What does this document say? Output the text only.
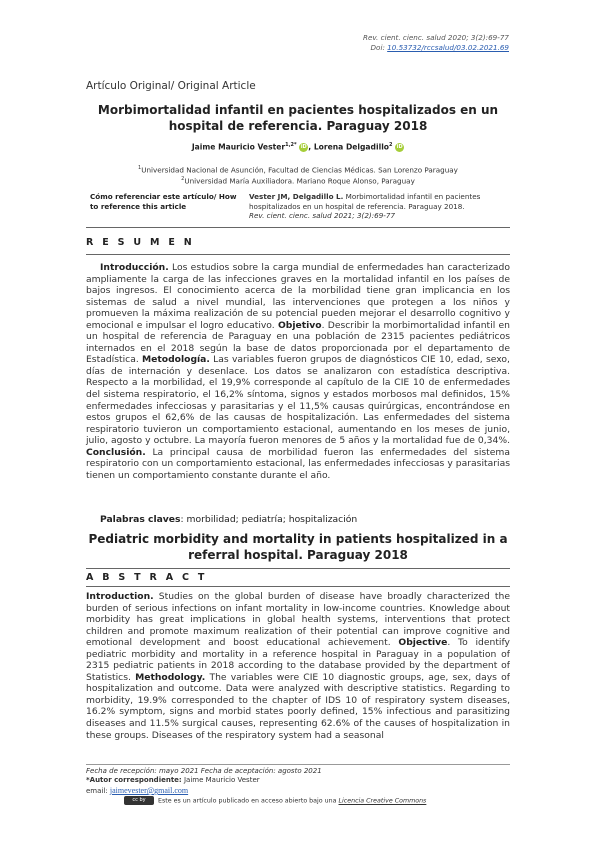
Rev. cient. cienc. salud 2020; 3(2):69-77
Doi: 10.53732/rccsalud/03.02.2021.69
Artículo Original/ Original Article
Morbimortalidad infantil en pacientes hospitalizados en un hospital de referencia. Paraguay 2018
Jaime Mauricio Vester$^{1,2*}$ iD , Lorena Delgadillo$^2$ iD
$^1$Universidad Nacional de Asunción, Facultad de Ciencias Médicas. San Lorenzo Paraguay
$^2$Universidad María Auxiliadora. Mariano Roque Alonso, Paraguay
Cómo referenciar este artículo/ How to reference this article
Vester JM, Delgadillo L. Morbimortalidad infantil en pacientes hospitalizados en un hospital de referencia. Paraguay 2018.
Rev. cient. cienc. salud 2021; 3(2):69-77
R E S U M E N
Introducción. Los estudios sobre la carga mundial de enfermedades han caracterizado ampliamente la carga de las infecciones graves en la mortalidad infantil en los países de bajos ingresos. El conocimiento acerca de la morbilidad tiene gran implicancia en los sistemas de salud a nivel mundial, las intervenciones que protegen a los niños y promueven la máxima realización de su potencial pueden mejorar el desarrollo cognitivo y emocional e impulsar el logro educativo. Objetivo. Describir la morbimortalidad infantil en un hospital de referencia de Paraguay en una población de 2315 pacientes pediátricos internados en el 2018 según la base de datos proporcionada por el departamento de Estadística. Metodología. Las variables fueron grupos de diagnósticos CIE 10, edad, sexo, días de internación y desenlace. Los datos se analizaron con estadística descriptiva. Respecto a la morbilidad, el 19,9% corresponde al capítulo de la CIE 10 de enfermedades del sistema respiratorio, el 16,2% síntoma, signos y estados morbosos mal definidos, 15% enfermedades infecciosas y parasitarias y el 11,5% causas quirúrgicas, encontrándose en estos grupos el 62,6% de las causas de hospitalización. Las enfermedades del sistema respiratorio tuvieron un comportamiento estacional, aumentando en los meses de junio, julio, agosto y octubre. La mayoría fueron menores de 5 años y la mortalidad fue de 0,34%. Conclusión. La principal causa de morbilidad fueron las enfermedades del sistema respiratorio con un comportamiento estacional, las enfermedades infecciosas y parasitarias tienen un comportamiento constante durante el año.
Palabras claves: morbilidad; pediatría; hospitalización
Pediatric morbidity and mortality in patients hospitalized in a referral hospital. Paraguay 2018
A B S T R A C T
Introduction. Studies on the global burden of disease have broadly characterized the burden of serious infections on infant mortality in low-income countries. Knowledge about morbidity has great implications in global health systems, interventions that protect children and promote maximum realization of their potential can improve cognitive and emotional development and boost educational achievement. Objective. To identify pediatric morbidity and mortality in a reference hospital in Paraguay in a population of 2315 pediatric patients in 2018 according to the database provided by the department of Statistics. Methodology. The variables were CIE 10 diagnostic groups, age, sex, days of hospitalization and outcome. Data were analyzed with descriptive statistics. Regarding to morbidity, 19.9% corresponded to the chapter of IDS 10 of respiratory system diseases, 16.2% symptom, signs and morbid states poorly defined, 15% infectious and parasitizing diseases and 11.5% surgical causes, representing 62.6% of the causes of hospitalization in these groups. Diseases of the respiratory system had a seasonal
Fecha de recepción: mayo 2021 Fecha de aceptación: agosto 2021
*Autor correspondiente: Jaime Mauricio Vester
email: jaimevester@gmail.com
cc by Este es un artículo publicado en acceso abierto bajo una Licencia Creative Commons
